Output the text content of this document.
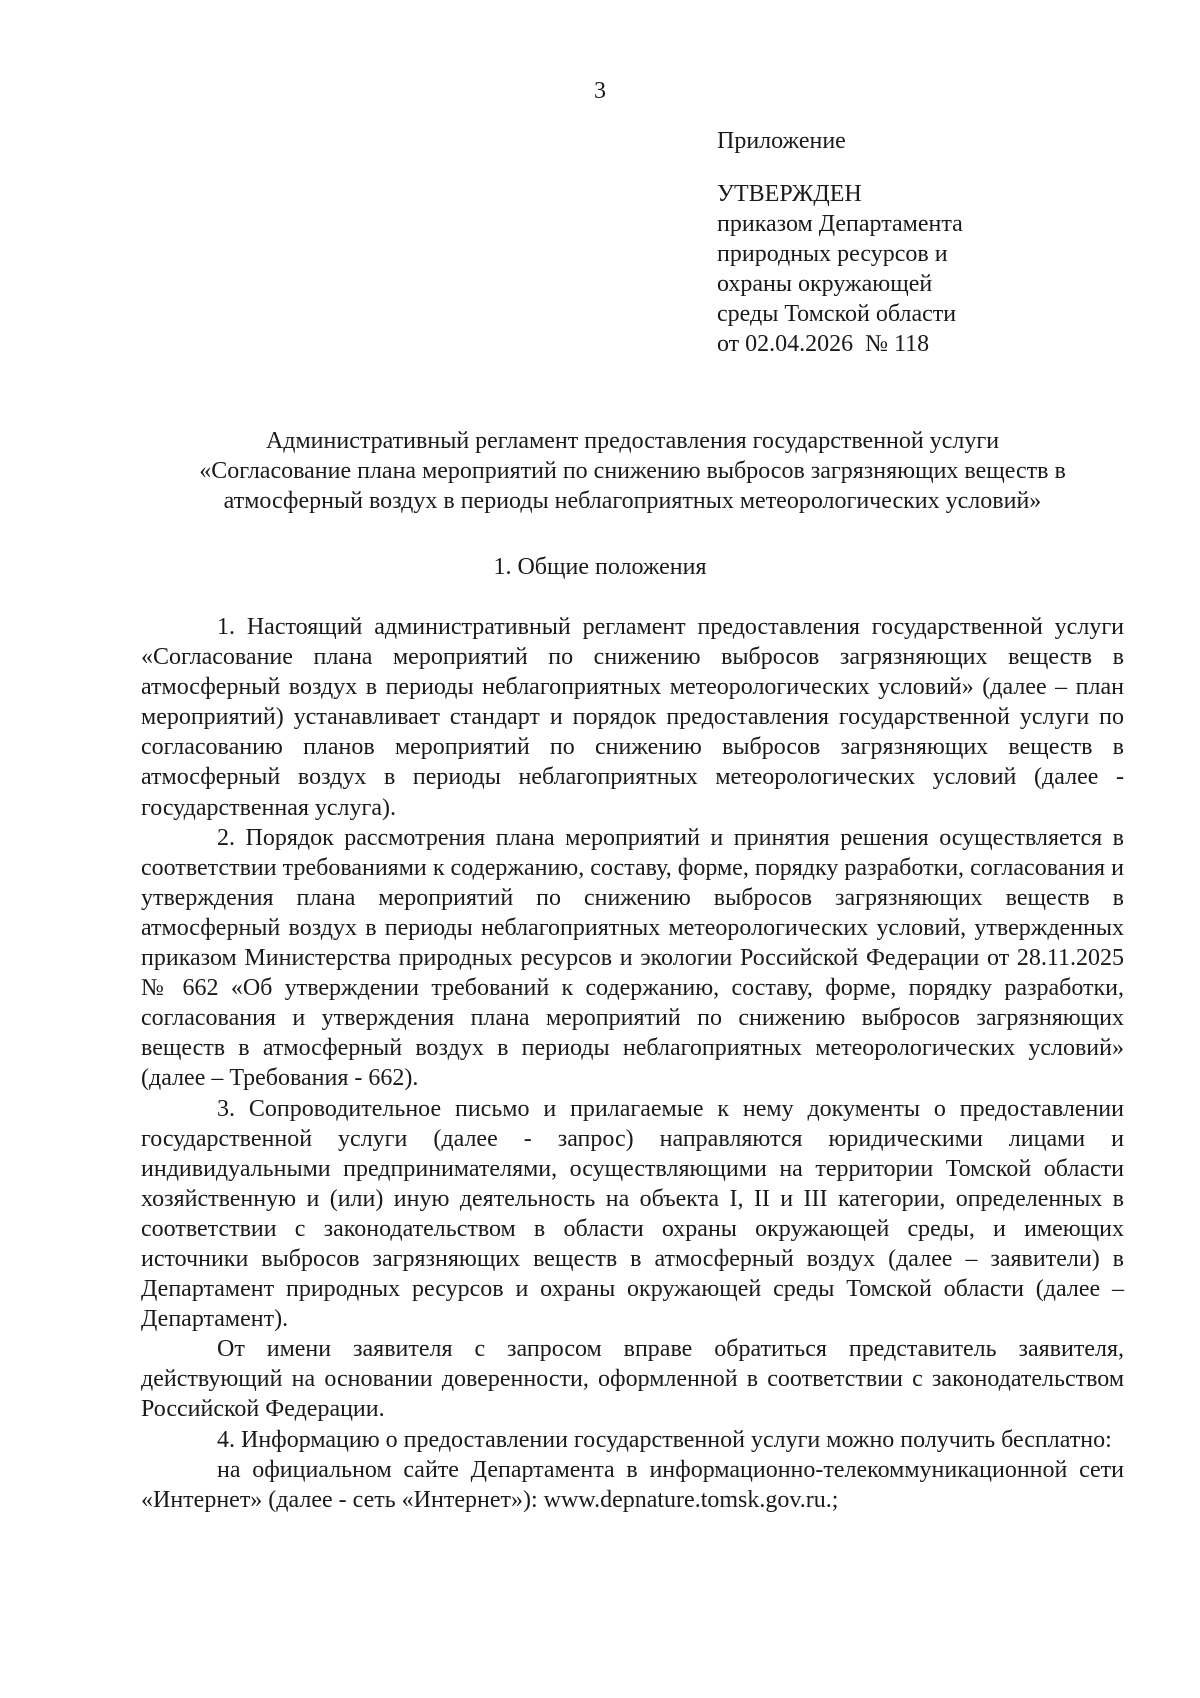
3
Приложение
УТВЕРЖДЕН
приказом Департамента
природных ресурсов и
охраны окружающей
среды Томской области
от 02.04.2026  № 118
Административный регламент предоставления государственной услуги
«Согласование плана мероприятий по снижению выбросов загрязняющих веществ в
атмосферный воздух в периоды неблагоприятных метеорологических условий»
1. Общие положения

1. Настоящий административный регламент предоставления государственной услуги «Согласование плана мероприятий по снижению выбросов загрязняющих веществ в атмосферный воздух в периоды неблагоприятных метеорологических условий» (далее – план мероприятий) устанавливает стандарт и порядок предоставления государственной услуги по согласованию планов мероприятий по снижению выбросов загрязняющих веществ в атмосферный воздух в периоды неблагоприятных метеорологических условий (далее - государственная услуга).

2. Порядок рассмотрения плана мероприятий и принятия решения осуществляется в соответствии требованиями к содержанию, составу, форме, порядку разработки, согласования и утверждения плана мероприятий по снижению выбросов загрязняющих веществ в атмосферный воздух в периоды неблагоприятных метеорологических условий, утвержденных приказом Министерства природных ресурсов и экологии Российской Федерации от 28.11.2025 № 662 «Об утверждении требований к содержанию, составу, форме, порядку разработки, согласования и утверждения плана мероприятий по снижению выбросов загрязняющих веществ в атмосферный воздух в периоды неблагоприятных метеорологических условий» (далее – Требования - 662).

3. Сопроводительное письмо и прилагаемые к нему документы о предоставлении государственной услуги (далее - запрос) направляются юридическими лицами и индивидуальными предпринимателями, осуществляющими на территории Томской области хозяйственную и (или) иную деятельность на объекта I, II и III категории, определенных в соответствии с законодательством в области охраны окружающей среды, и имеющих источники выбросов загрязняющих веществ в атмосферный воздух (далее – заявители) в Департамент природных ресурсов и охраны окружающей среды Томской области (далее – Департамент).

От имени заявителя с запросом вправе обратиться представитель заявителя, действующий на основании доверенности, оформленной в соответствии с законодательством Российской Федерации.

4. Информацию о предоставлении государственной услуги можно получить бесплатно:

на официальном сайте Департамента в информационно-телекоммуникационной сети «Интернет» (далее - сеть «Интернет»): www.depnature.tomsk.gov.ru.;
